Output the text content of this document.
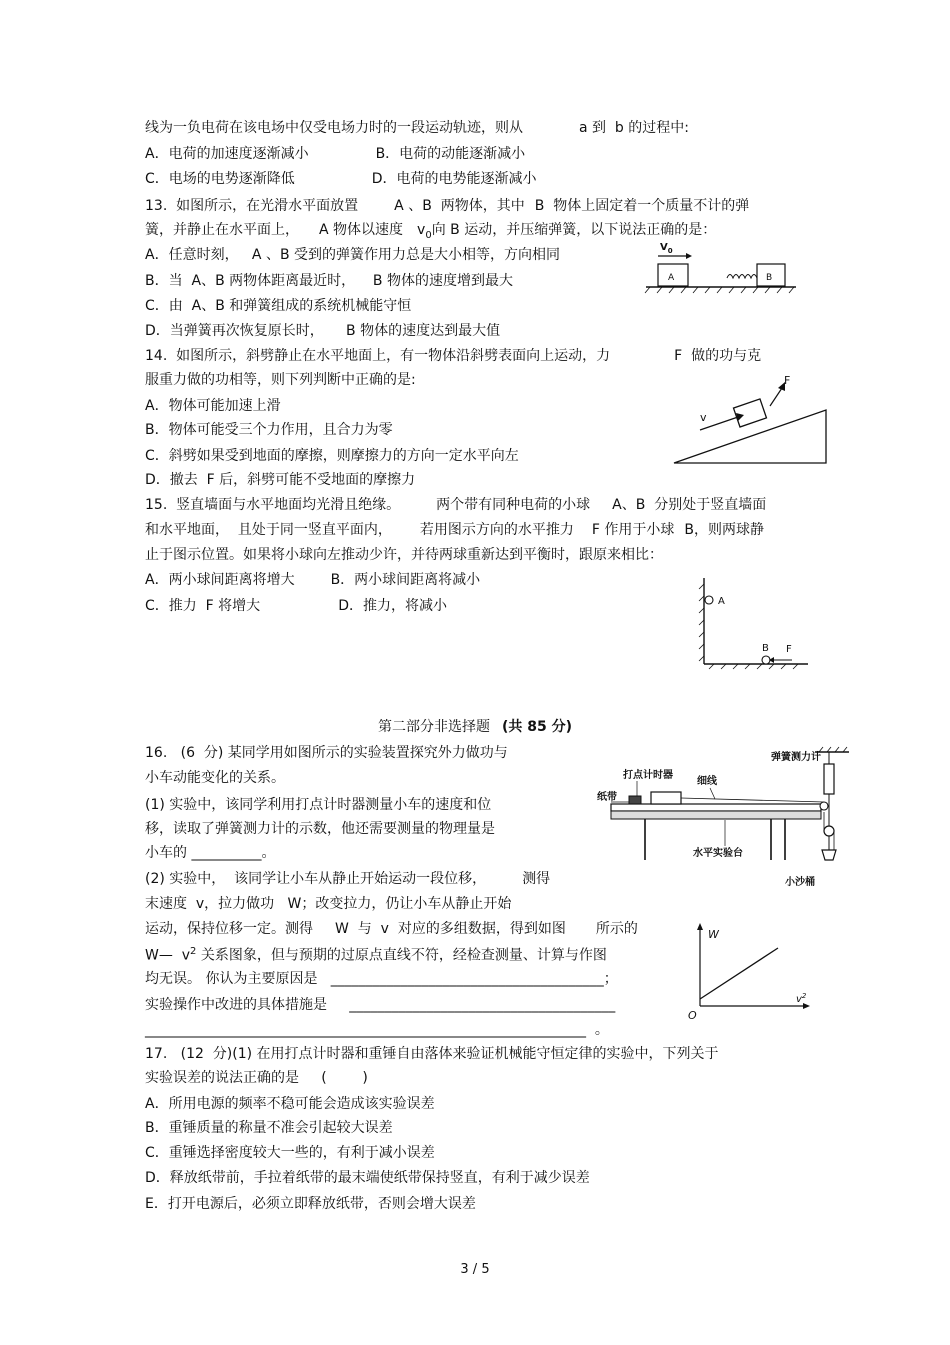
线为一负电荷在该电场中仅受电场力时的一段运动轨迹，则从	a 到  b 的过程中:
A．电荷的加速度逐渐减小	B．电荷的动能逐渐减小
C．电场的电势逐渐降低	D．电荷的电势能逐渐减小
13.  如图所示，在光滑水平面放置	A 、B  两物体，其中 B  物体上固定着一个质量不计的弹
簧，并静止在水平面上， A 物体以速度 $v_0$向 B 运动，并压缩弹簧，以下说法正确的是：
A．任意时刻，   A 、B 受到的弹簧作用力总是大小相等，方向相同
B．当  A、B 两物体距离最近时，    B 物体的速度增到最大
C．由  A、B 和弹簧组成的系统机械能守恒
D．当弹簧再次恢复原长时，     B 物体的速度达到最大值
$V_0$
A	B
14.  如图所示，斜劈静止在水平地面上，有一物体沿斜劈表面向上运动，力	F  做的功与克
服重力做的功相等，则下列判断中正确的是:
A．物体可能加速上滑
B．物体可能受三个力作用，且合力为零
C．斜劈如果受到地面的摩擦，则摩擦力的方向一定水平向左
D．撤去  F 后，斜劈可能不受地面的摩擦力
v
F
15.  竖直墙面与水平地面均光滑且绝缘。	两个带有同种电荷的小球 A、B  分别处于竖直墙面
和水平地面，  且处于同一竖直平面内， 若用图示方向的水平推力 F 作用于小球 B，则两球静
止于图示位置。如果将小球向左推动少许，并待两球重新达到平衡时，跟原来相比：
A．两小球间距离将增大	B．两小球间距离将减小
C．推力  F 将增大	D．推力，将减小	A
B F
第二部分非选择题 (共 85 分)
16.   (6  分) 某同学用如图所示的实验装置探究外力做功与
小车动能变化的关系。
(1) 实验中，该同学利用打点计时器测量小车的速度和位
移，读取了弹簧测力计的示数，他还需要测量的物理量是
小车的 __________。
(2) 实验中，  该同学让小车从静止开始运动一段位移，	测得
末速度  v，拉力做功   W；改变拉力，仍让小车从静止开始
运动，保持位移一定。测得 W  与  v  对应的多组数据，得到如图 所示的
W—  $v^2$ 关系图象，但与预期的过原点直线不符，经检查测量、计算与作图
均无误。 你认为主要原因是   _______________________________________；
实验操作中改进的具体措施是     ______________________________________
_______________________________________________________________  。
打点计时器
细线
弹簧测力计
纸带
水平实验台
小沙桶
W
$v^2$
O
17.   (12  分)(1) 在用打点计时器和重锤自由落体来验证机械能守恒定律的实验中，下列关于
实验误差的说法正确的是     (        )
A．所用电源的频率不稳可能会造成该实验误差
B．重锤质量的称量不准会引起较大误差
C．重锤选择密度较大一些的，有利于减小误差
D．释放纸带前，手拉着纸带的最末端使纸带保持竖直，有利于减少误差
E．打开电源后，必须立即释放纸带，否则会增大误差
3 / 5
